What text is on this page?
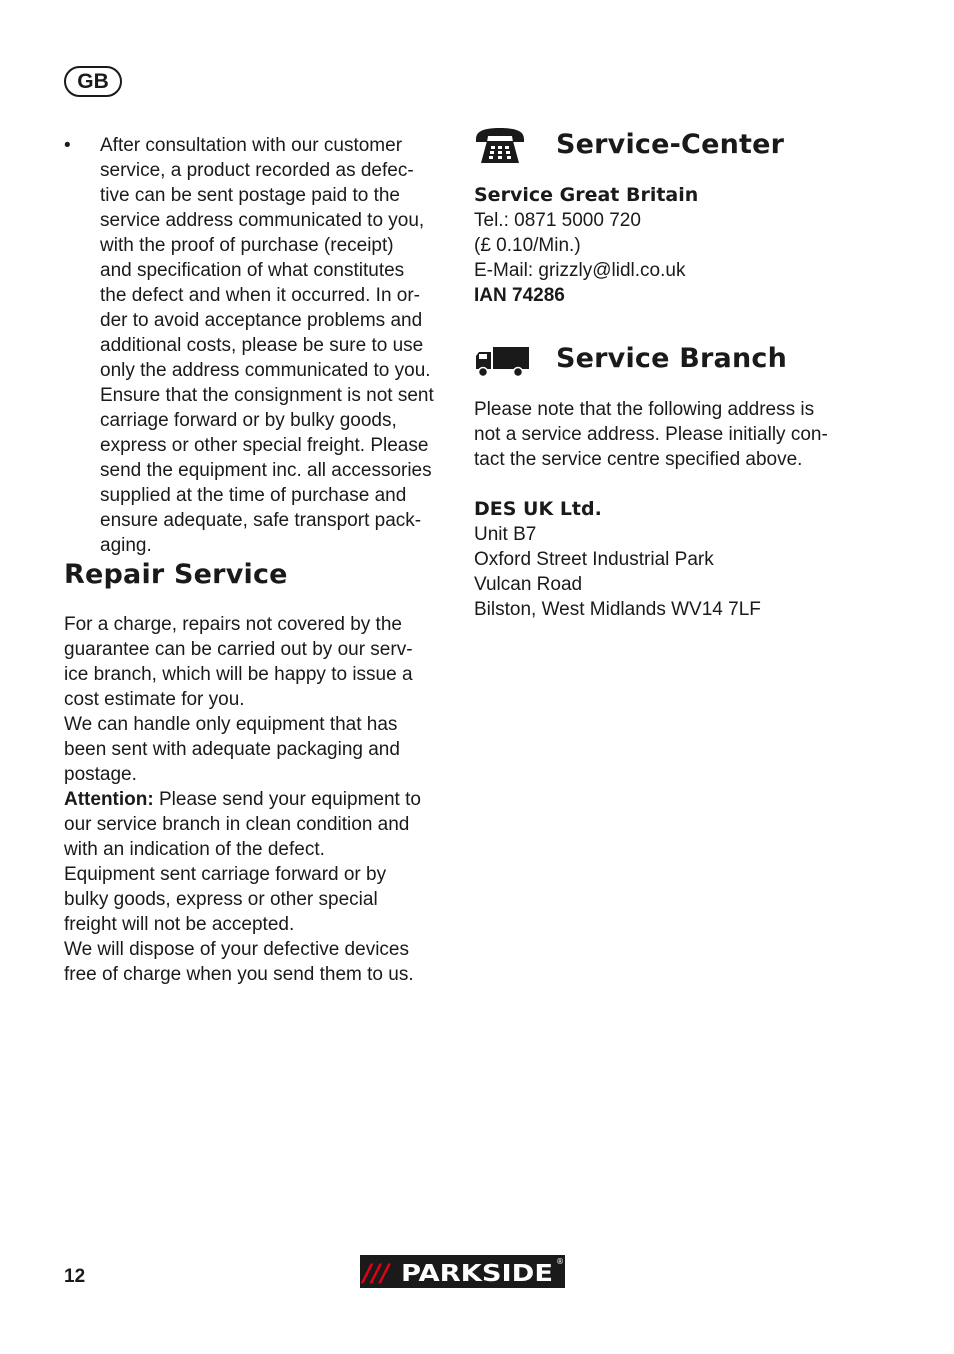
GB
• After consultation with our customer
service, a product recorded as defec-
tive can be sent postage paid to the
service address communicated to you,
with the proof of purchase (receipt)
and specification of what constitutes
the defect and when it occurred. In or-
der to avoid acceptance problems and
additional costs, please be sure to use
only the address communicated to you.
Ensure that the consignment is not sent
carriage forward or by bulky goods,
express or other special freight. Please
send the equipment inc. all accessories
supplied at the time of purchase and
ensure adequate, safe transport pack-
aging.

Repair Service

For a charge, repairs not covered by the
guarantee can be carried out by our serv-
ice branch, which will be happy to issue a
cost estimate for you.
We can handle only equipment that has
been sent with adequate packaging and
postage.
Attention: Please send your equipment to
our service branch in clean condition and
with an indication of the defect.
Equipment sent carriage forward or by
bulky goods, express or other special
freight will not be accepted.
We will dispose of your defective devices
free of charge when you send them to us.

Service-Center

Service Great Britain

Tel.: 0871 5000 720

(£ 0.10/Min.)

E-Mail: grizzly@lidl.co.uk

IAN 74286

Service Branch

Please note that the following address is
not a service address. Please initially con-
tact the service centre specified above.

DES UK Ltd.

Unit B7
Oxford Street Industrial Park
Vulcan Road
Bilston, West Midlands WV14 7LF

12	/// PARKSIDE ®
